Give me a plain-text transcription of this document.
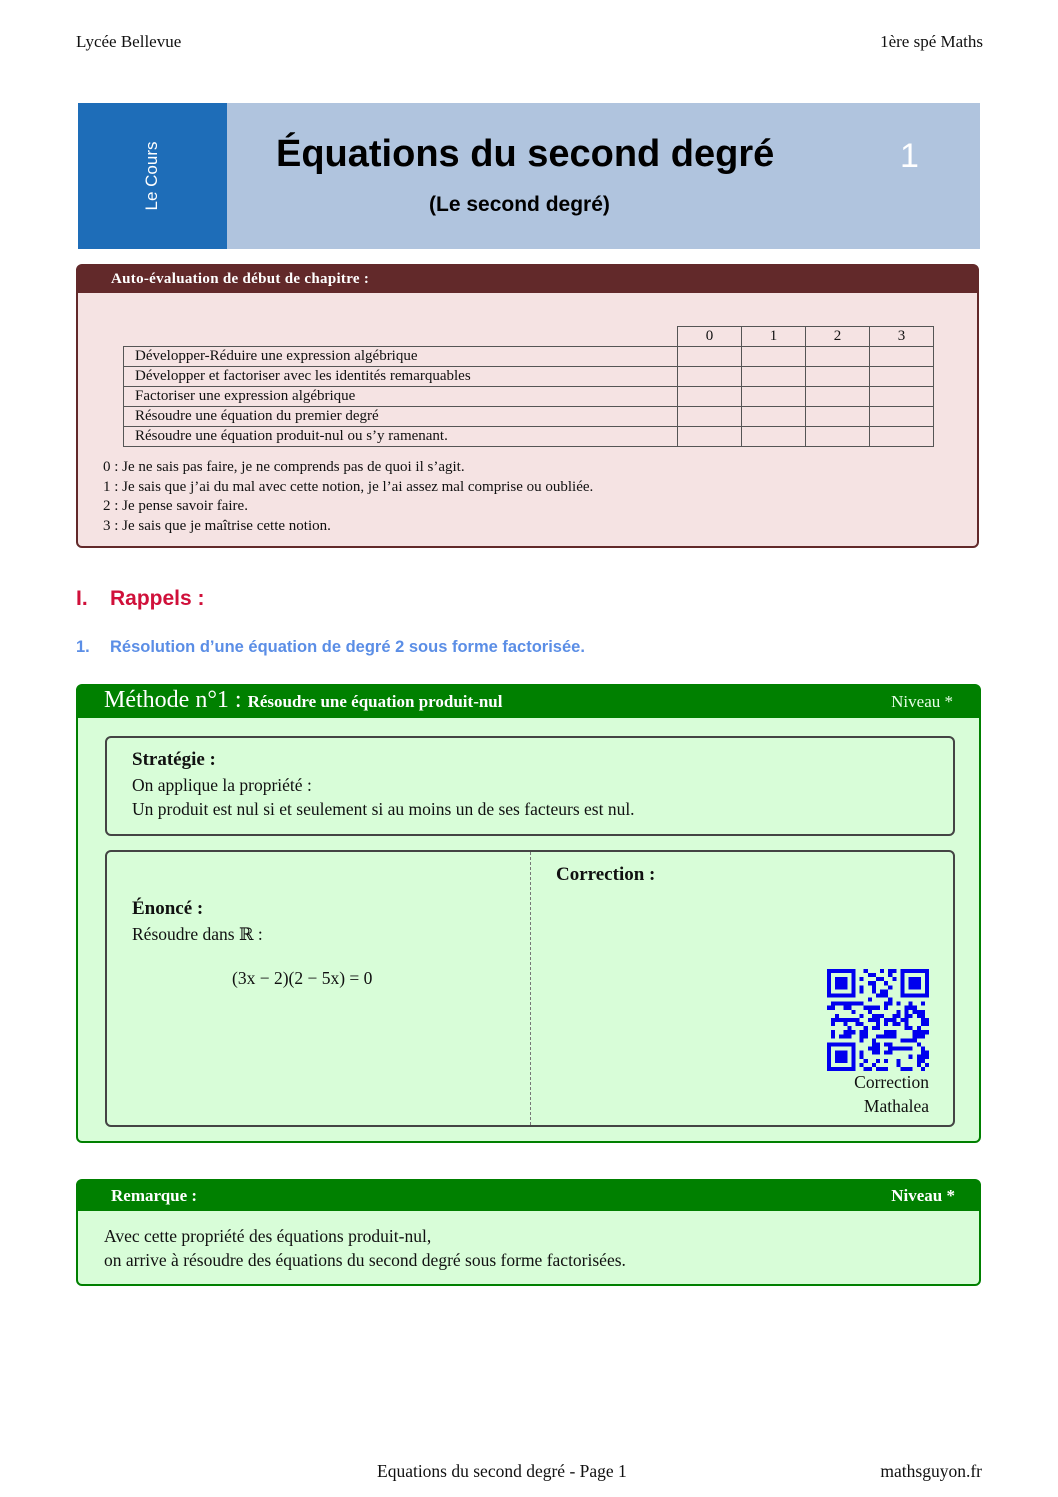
Lycée Bellevue	1ère spé Maths
Le Cours	Équations du second degré
(Le second degré)
1
Auto-évaluation de début de chapitre :
	0	1	2	3
Développer-Réduire une expression algébrique				
Développer et factoriser avec les identités remarquables				
Factoriser une expression algébrique				
Résoudre une équation du premier degré				
Résoudre une équation produit-nul ou s’y ramenant.				
0 : Je ne sais pas faire, je ne comprends pas de quoi il s’agit.
1 : Je sais que j’ai du mal avec cette notion, je l’ai assez mal comprise ou oubliée.
2 : Je pense savoir faire.
3 : Je sais que je maîtrise cette notion.
I. Rappels :
1. Résolution d’une équation de degré 2 sous forme factorisée.
Méthode n°1 : Résoudre une équation produit-nul	Niveau *
Stratégie :
On applique la propriété :
Un produit est nul si et seulement si au moins un de ses facteurs est nul.
Énoncé :
Résoudre dans ℝ :
(3x − 2)(2 − 5x) = 0
Correction :
Correction
Mathalea
Remarque :	Niveau *
Avec cette propriété des équations produit-nul,
on arrive à résoudre des équations du second degré sous forme factorisées.
Equations du second degré - Page 1	mathsguyon.fr
